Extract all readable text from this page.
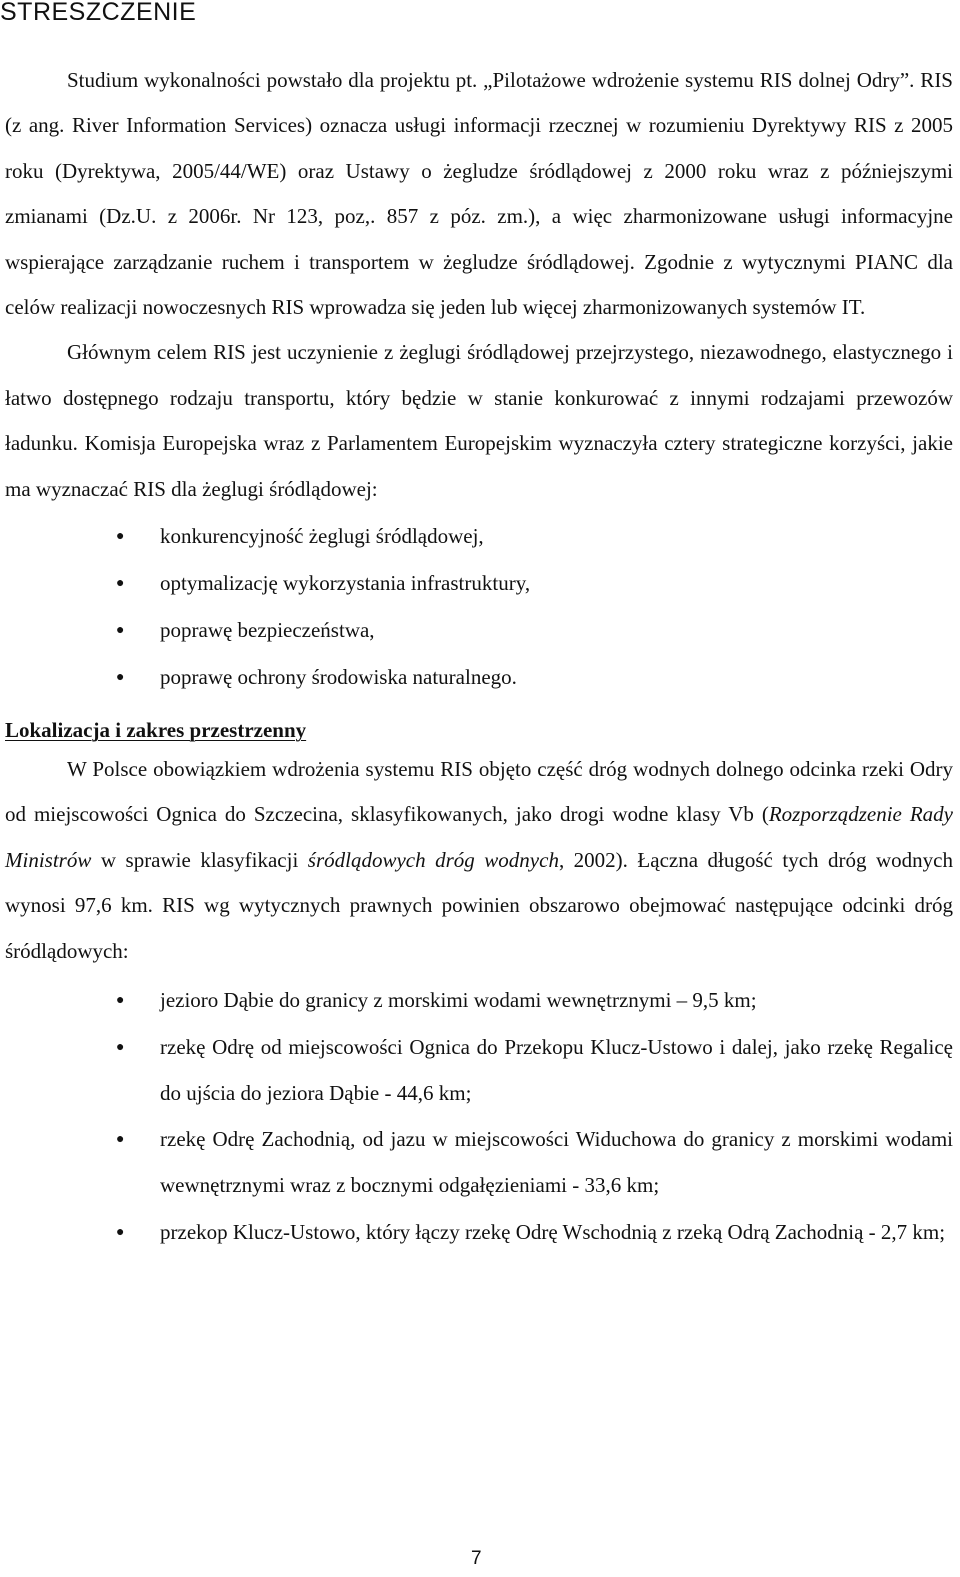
STRESZCZENIE

Studium wykonalności powstało dla projektu pt. „Pilotażowe wdrożenie systemu RIS dolnej Odry”. RIS (z ang. River Information Services) oznacza usługi informacji rzecznej w rozumieniu Dyrektywy RIS z 2005 roku (Dyrektywa, 2005/44/WE) oraz Ustawy o żegludze śródlądowej z 2000 roku wraz z późniejszymi zmianami (Dz.U. z 2006r. Nr 123, poz,. 857 z póz. zm.), a więc zharmonizowane usługi informacyjne wspierające zarządzanie ruchem i transportem w żegludze śródlądowej. Zgodnie z wytycznymi PIANC dla celów realizacji nowoczesnych RIS wprowadza się jeden lub więcej zharmonizowanych systemów IT.

Głównym celem RIS jest uczynienie z żeglugi śródlądowej przejrzystego, niezawodnego, elastycznego i łatwo dostępnego rodzaju transportu, który będzie w stanie konkurować z innymi rodzajami przewozów ładunku. Komisja Europejska wraz z Parlamentem Europejskim wyznaczyła cztery strategiczne korzyści, jakie ma wyznaczać RIS dla żeglugi śródlądowej:

● konkurencyjność żeglugi śródlądowej,
● optymalizację wykorzystania infrastruktury,
● poprawę bezpieczeństwa,
● poprawę ochrony środowiska naturalnego.
Lokalizacja i zakres przestrzenny

W Polsce obowiązkiem wdrożenia systemu RIS objęto część dróg wodnych dolnego odcinka rzeki Odry od miejscowości Ognica do Szczecina, sklasyfikowanych, jako drogi wodne klasy Vb (Rozporządzenie Rady Ministrów w sprawie klasyfikacji śródlądowych dróg wodnych, 2002). Łączna długość tych dróg wodnych wynosi 97,6 km. RIS wg wytycznych prawnych powinien obszarowo obejmować następujące odcinki dróg śródlądowych:

● jezioro Dąbie do granicy z morskimi wodami wewnętrznymi – 9,5 km;
● rzekę Odrę od miejscowości Ognica do Przekopu Klucz-Ustowo i dalej, jako rzekę Regalicę do ujścia do jeziora Dąbie - 44,6 km;
● rzekę Odrę Zachodnią, od jazu w miejscowości Widuchowa do granicy z morskimi wodami wewnętrznymi wraz z bocznymi odgałęzieniami - 33,6 km;
● przekop Klucz-Ustowo, który łączy rzekę Odrę Wschodnią z rzeką Odrą Zachodnią - 2,7 km;
7
